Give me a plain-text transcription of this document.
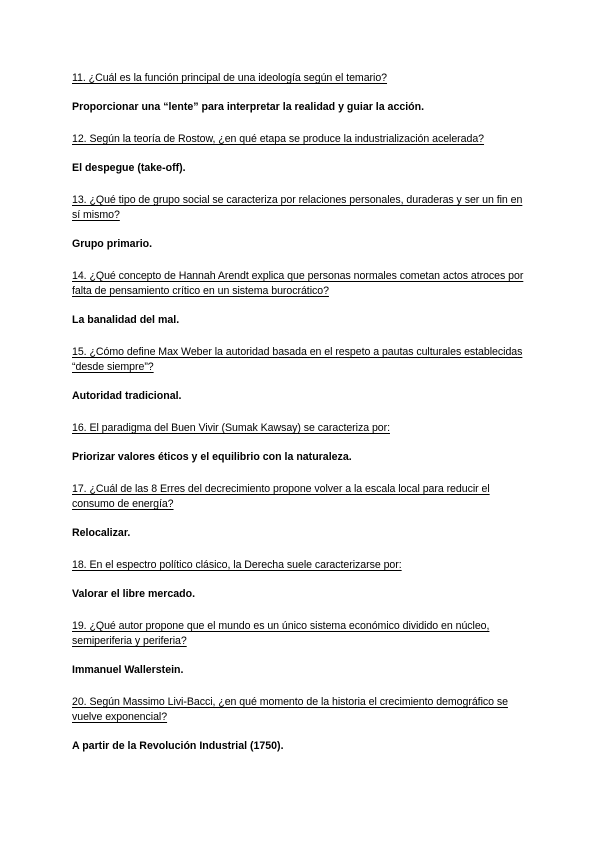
11. ¿Cuál es la función principal de una ideología según el temario?

Proporcionar una “lente” para interpretar la realidad y guiar la acción.

12. Según la teoría de Rostow, ¿en qué etapa se produce la industrialización acelerada?

El despegue (take-off).

13. ¿Qué tipo de grupo social se caracteriza por relaciones personales, duraderas y ser un fin en sí mismo?

Grupo primario.

14. ¿Qué concepto de Hannah Arendt explica que personas normales cometan actos atroces por falta de pensamiento crítico en un sistema burocrático?

La banalidad del mal.

15. ¿Cómo define Max Weber la autoridad basada en el respeto a pautas culturales establecidas “desde siempre”?

Autoridad tradicional.

16. El paradigma del Buen Vivir (Sumak Kawsay) se caracteriza por:

Priorizar valores éticos y el equilibrio con la naturaleza.

17. ¿Cuál de las 8 Erres del decrecimiento propone volver a la escala local para reducir el consumo de energía?

Relocalizar.

18. En el espectro político clásico, la Derecha suele caracterizarse por:

Valorar el libre mercado.

19. ¿Qué autor propone que el mundo es un único sistema económico dividido en núcleo, semiperiferia y periferia?

Immanuel Wallerstein.

20. Según Massimo Livi-Bacci, ¿en qué momento de la historia el crecimiento demográfico se vuelve exponencial?

A partir de la Revolución Industrial (1750).
